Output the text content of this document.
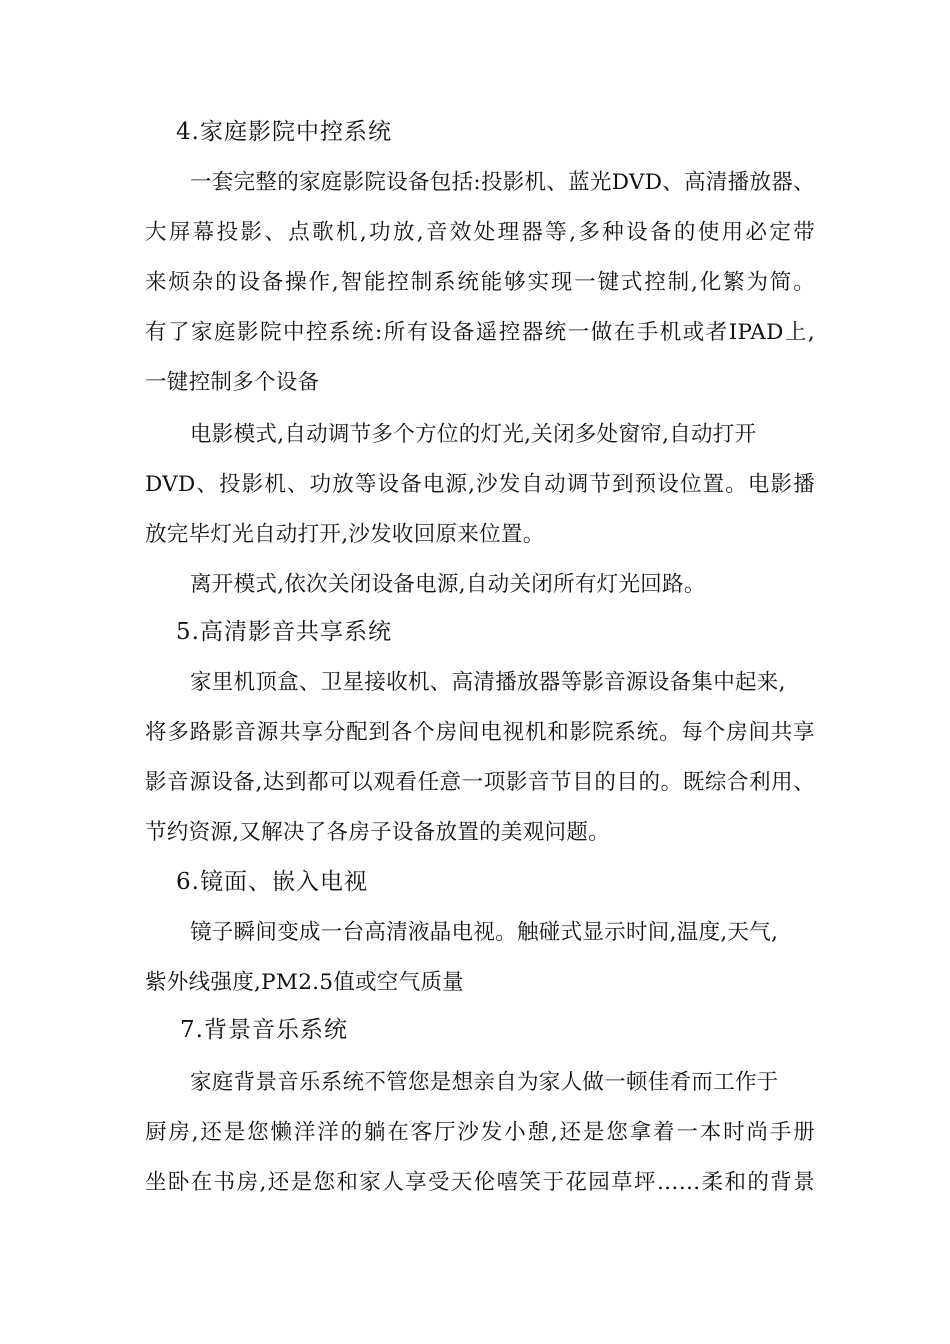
4.家庭影院中控系统
一套完整的家庭影院设备包括:投影机、蓝光DVD、高清播放器、
大屏幕投影、点歌机,功放,音效处理器等,多种设备的使用必定带
来烦杂的设备操作,智能控制系统能够实现一键式控制,化繁为简。
有了家庭影院中控系统:所有设备遥控器统一做在手机或者IPAD上,
一键控制多个设备
电影模式,自动调节多个方位的灯光,关闭多处窗帘,自动打开
DVD、投影机、功放等设备电源,沙发自动调节到预设位置。电影播
放完毕灯光自动打开,沙发收回原来位置。
离开模式,依次关闭设备电源,自动关闭所有灯光回路。
5.高清影音共享系统
家里机顶盒、卫星接收机、高清播放器等影音源设备集中起来,
将多路影音源共享分配到各个房间电视机和影院系统。每个房间共享
影音源设备,达到都可以观看任意一项影音节目的目的。既综合利用、
节约资源,又解决了各房子设备放置的美观问题。
6.镜面、嵌入电视
镜子瞬间变成一台高清液晶电视。触碰式显示时间,温度,天气,
紫外线强度,PM2.5值或空气质量
7.背景音乐系统
家庭背景音乐系统不管您是想亲自为家人做一顿佳肴而工作于
厨房,还是您懒洋洋的躺在客厅沙发小憩,还是您拿着一本时尚手册
坐卧在书房,还是您和家人享受天伦嘻笑于花园草坪……柔和的背景
